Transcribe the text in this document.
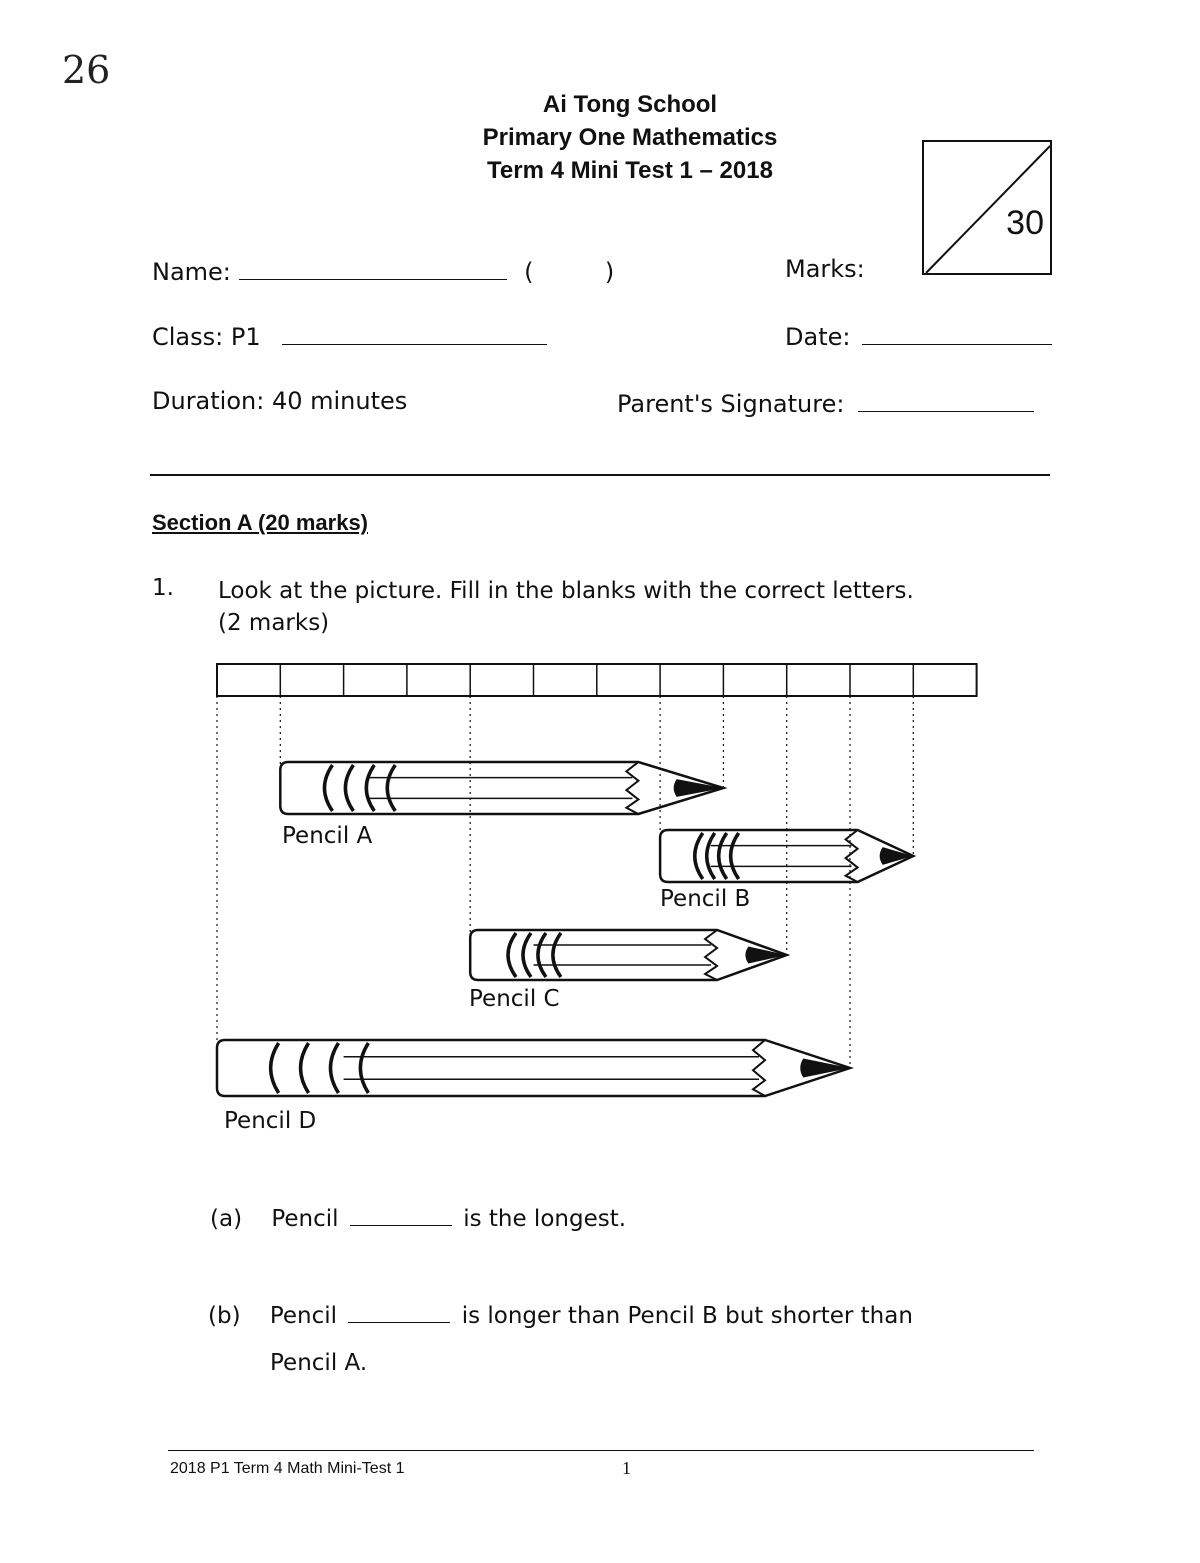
26
Ai Tong School
Primary One Mathematics
Term 4 Mini Test 1 – 2018
30
Name:	(	)	Marks:
Class: P1	Date:
Duration: 40 minutes	Parent's Signature:
Section A (20 marks)
1. Look at the picture. Fill in the blanks with the correct letters.
(2 marks)
Pencil A
Pencil B
Pencil C
Pencil D
(a) Pencil	is the longest.
(b) Pencil	is longer than Pencil B but shorter than
Pencil A.
2018 P1 Term 4 Math Mini-Test 1	1
